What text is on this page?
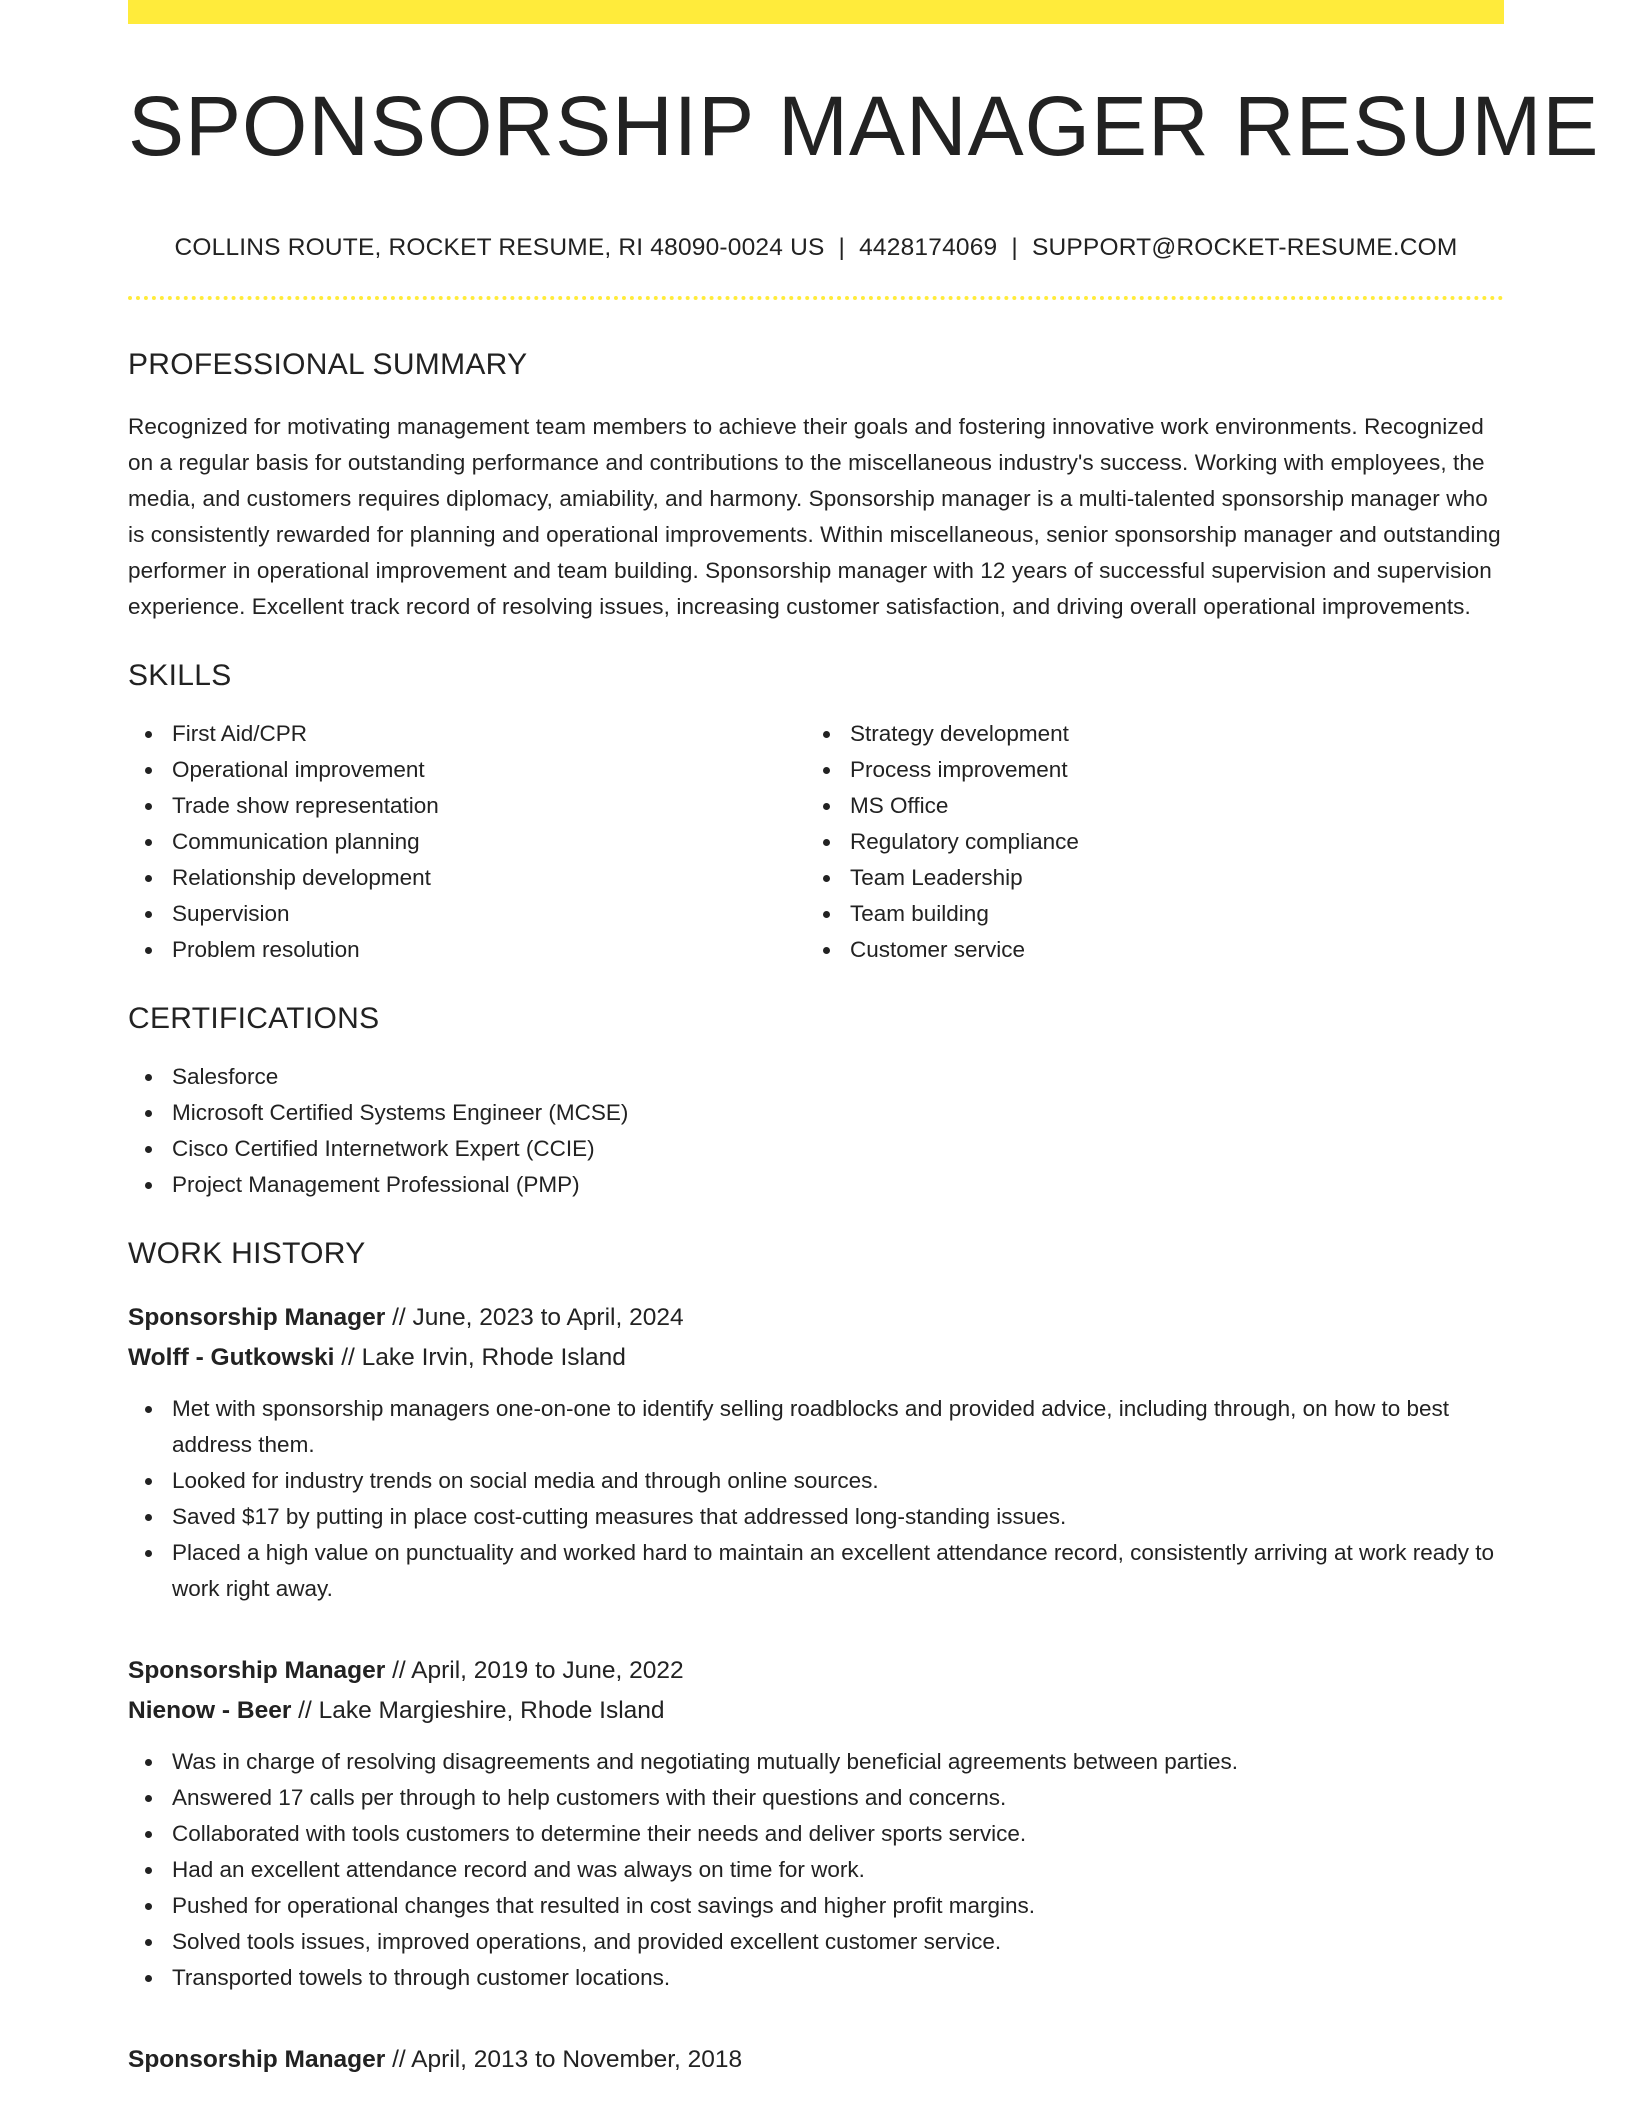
SPONSORSHIP MANAGER RESUME
COLLINS ROUTE, ROCKET RESUME, RI 48090-0024 US | 4428174069 | SUPPORT@ROCKET-RESUME.COM
PROFESSIONAL SUMMARY

Recognized for motivating management team members to achieve their goals and fostering innovative work environments. Recognized on a regular basis for outstanding performance and contributions to the miscellaneous industry's success. Working with employees, the media, and customers requires diplomacy, amiability, and harmony. Sponsorship manager is a multi-talented sponsorship manager who is consistently rewarded for planning and operational improvements. Within miscellaneous, senior sponsorship manager and outstanding performer in operational improvement and team building. Sponsorship manager with 12 years of successful supervision and supervision experience. Excellent track record of resolving issues, increasing customer satisfaction, and driving overall operational improvements.

SKILLS
First Aid/CPR
Operational improvement
Trade show representation
Communication planning
Relationship development
Supervision
Problem resolution
Strategy development
Process improvement
MS Office
Regulatory compliance
Team Leadership
Team building
Customer service
CERTIFICATIONS
Salesforce
Microsoft Certified Systems Engineer (MCSE)
Cisco Certified Internetwork Expert (CCIE)
Project Management Professional (PMP)
WORK HISTORY
Sponsorship Manager // June, 2023 to April, 2024
Wolff - Gutkowski // Lake Irvin, Rhode Island
Met with sponsorship managers one-on-one to identify selling roadblocks and provided advice, including through, on how to best address them.
Looked for industry trends on social media and through online sources.
Saved $17 by putting in place cost-cutting measures that addressed long-standing issues.
Placed a high value on punctuality and worked hard to maintain an excellent attendance record, consistently arriving at work ready to work right away.
Sponsorship Manager // April, 2019 to June, 2022
Nienow - Beer // Lake Margieshire, Rhode Island
Was in charge of resolving disagreements and negotiating mutually beneficial agreements between parties.
Answered 17 calls per through to help customers with their questions and concerns.
Collaborated with tools customers to determine their needs and deliver sports service.
Had an excellent attendance record and was always on time for work.
Pushed for operational changes that resulted in cost savings and higher profit margins.
Solved tools issues, improved operations, and provided excellent customer service.
Transported towels to through customer locations.
Sponsorship Manager // April, 2013 to November, 2018
